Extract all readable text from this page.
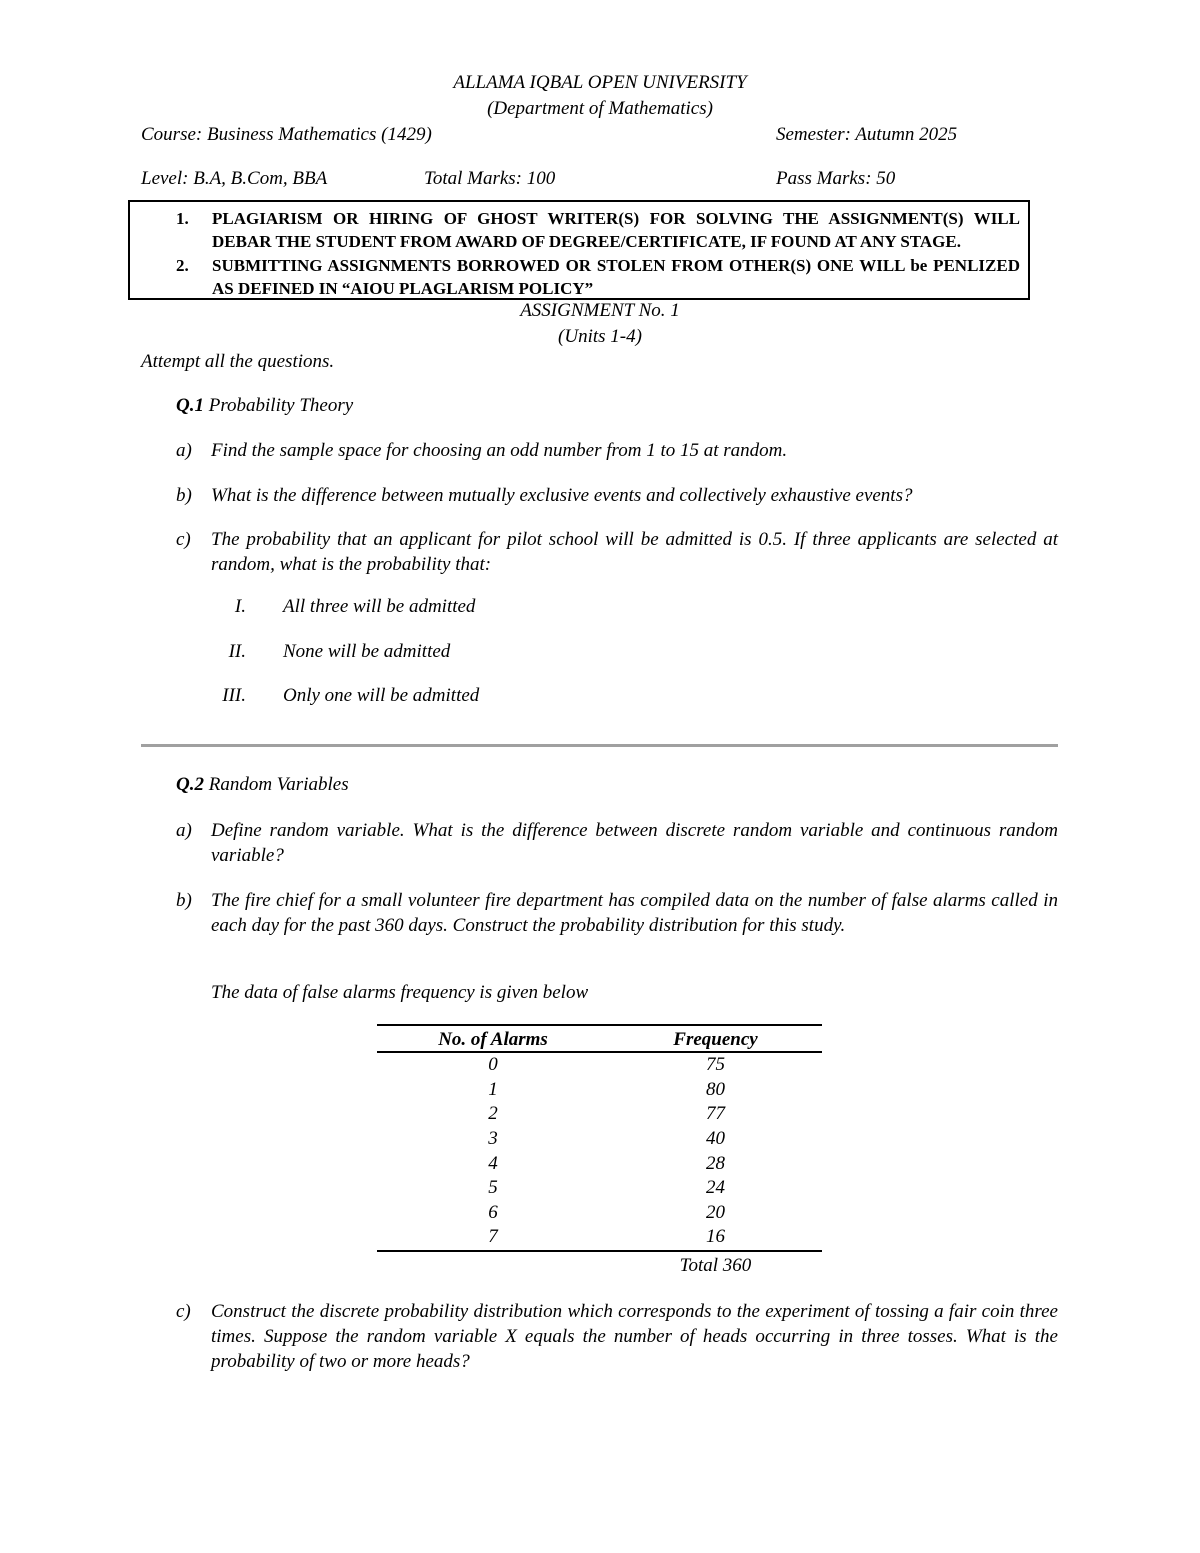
ALLAMA IQBAL OPEN UNIVERSITY
(Department of Mathematics)
Course: Business Mathematics (1429)	Semester: Autumn 2025
Level: B.A, B.Com, BBA	Total Marks: 100	Pass Marks: 50
1. PLAGIARISM OR HIRING OF GHOST WRITER(S) FOR SOLVING THE ASSIGNMENT(S) WILL DEBAR THE STUDENT FROM AWARD OF DEGREE/CERTIFICATE, IF FOUND AT ANY STAGE.
2. SUBMITTING ASSIGNMENTS BORROWED OR STOLEN FROM OTHER(S) ONE WILL be PENLIZED AS DEFINED IN “AIOU PLAGLARISM POLICY”
ASSIGNMENT No. 1
(Units 1-4)
Attempt all the questions.
Q.1 Probability Theory
a) Find the sample space for choosing an odd number from 1 to 15 at random.
b) What is the difference between mutually exclusive events and collectively exhaustive events?
c) The probability that an applicant for pilot school will be admitted is 0.5. If three applicants are selected at random, what is the probability that:
I. All three will be admitted
II. None will be admitted
III. Only one will be admitted
Q.2 Random Variables
a) Define random variable. What is the difference between discrete random variable and continuous random variable?
b) The fire chief for a small volunteer fire department has compiled data on the number of false alarms called in each day for the past 360 days. Construct the probability distribution for this study.
The data of false alarms frequency is given below
No. of Alarms	Frequency
0	75
1	80
2	77
3	40
4	28
5	24
6	20
7	16
	Total 360
c) Construct the discrete probability distribution which corresponds to the experiment of tossing a fair coin three times. Suppose the random variable X equals the number of heads occurring in three tosses. What is the probability of two or more heads?
